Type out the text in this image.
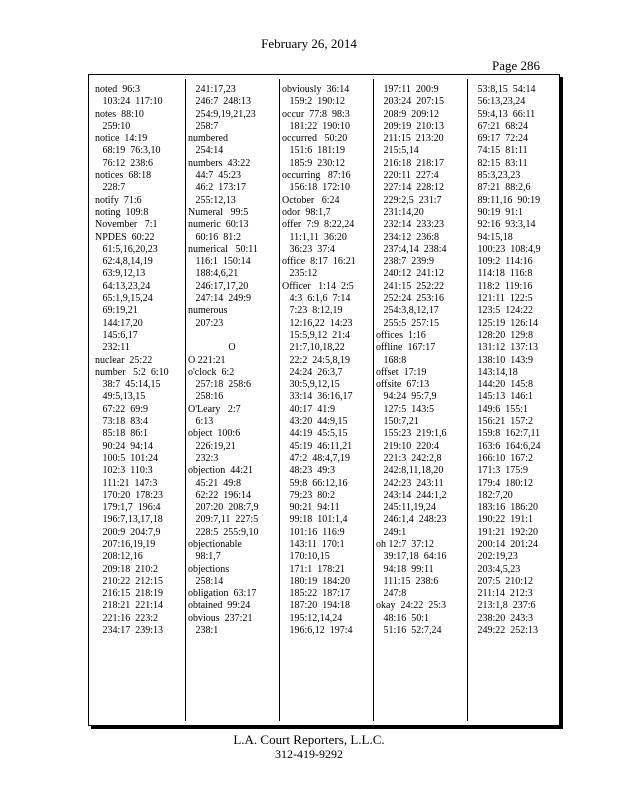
February 26, 2014
Page 286
noted  96:3
103:24  117:10
notes  88:10
259:10
notice  14:19
68:19  76:3,10
76:12  238:6
notices  68:18
228:7
notify  71:6
noting  109:8
November   7:1
NPDES  60:22
61:5,16,20,23
62:4,8,14,19
63:9,12,13
64:13,23,24
65:1,9,15,24
69:19,21
144:17,20
145:6,17
232:11
nuclear  25:22
number   5:2  6:10
38:7  45:14,15
49:5,13,15
67:22  69:9
73:18  83:4
85:18  86:1
90:24  94:14
100:5  101:24
102:3  110:3
111:21  147:3
170:20  178:23
179:1,7  196:4
196:7,13,17,18
200:9  204:7,9
207:16,19,19
208:12,16
209:18  210:2
210:22  212:15
216:15  218:19
218:21  221:14
221:16  223:2
234:17  239:13
241:17,23
246:7  248:13
254:9,19,21,23
258:7
numbered
254:14
numbers  43:22
44:7  45:23
46:2  173:17
255:12,13
Numeral   99:5
numeric  60:13
60:16  81:2
numerical   50:11
116:1  150:14
188:4,6,21
246:17,17,20
247:14  249:9
numerous
207:23
O
O 221:21
o'clock  6:2
257:18  258:6
258:16
O'Leary   2:7
6:13
object  100:6
226:19,21
232:3
objection  44:21
45:21  49:8
62:22  196:14
207:20  208:7,9
209:7,11  227:5
228:5  255:9,10
objectionable
98:1,7
objections
258:14
obligation  63:17
obtained  99:24
obvious  237:21
238:1
obviously  36:14
159:2  190:12
occur  77:8  98:3
181:22  190:10
occurred   50:20
151:6  181:19
185:9  230:12
occurring   87:16
156:18  172:10
October   6:24
odor  98:1,7
offer  7:9  8:22,24
11:1,11  36:20
36:23  37:4
office  8:17  16:21
235:12
Officer   1:14  2:5
4:3  6:1,6  7:14
7:23  8:12,19
12:16,22  14:23
15:5,9,12  21:4
21:7,10,18,22
22:2  24:5,8,19
24:24  26:3,7
30:5,9,12,15
33:14  36:16,17
40:17  41:9
43:20  44:9,15
44:19  45:5,15
45:19  46:11,21
47:2  48:4,7,19
48:23  49:3
59:8  66:12,16
79:23  80:2
90:21  94:11
99:18  101:1,4
101:16  116:9
143:11  170:1
170:10,15
171:1  178:21
180:19  184:20
185:22  187:17
187:20  194:18
195:12,14,24
196:6,12  197:4
197:11  200:9
203:24  207:15
208:9  209:12
209:19  210:13
211:15  213:20
215:5,14
216:18  218:17
220:11  227:4
227:14  228:12
229:2,5  231:7
231:14,20
232:14  233:23
234:12  236:8
237:4,14  238:4
238:7  239:9
240:12  241:12
241:15  252:22
252:24  253:16
254:3,8,12,17
255:5  257:15
offices  1:16
offline  167:17
168:8
offset  17:19
offsite  67:13
94:24  95:7,9
127:5  143:5
150:7,21
155:23  219:1,6
219:10  220:4
221:3  242:2,8
242:8,11,18,20
242:23  243:11
243:14  244:1,2
245:11,19,24
246:1,4  248:23
249:1
oh 12:7  37:12
39:17,18  64:16
94:18  99:11
111:15  238:6
247:8
okay  24:22  25:3
48:16  50:1
51:16  52:7,24
53:8,15  54:14
56:13,23,24
59:4,13  66:11
67:21  68:24
69:17  72:24
74:15  81:11
82:15  83:11
85:3,23,23
87:21  88:2,6
89:11,16  90:19
90:19  91:1
92:16  93:3,14
94:15,18
100:23  108:4,9
109:2  114:16
114:18  116:8
118:2  119:16
121:11  122:5
123:5  124:22
125:19  126:14
128:20  129:8
131:12  137:13
138:10  143:9
143:14,18
144:20  145:8
145:13  146:1
149:6  155:1
156:21  157:2
159:8  162:7,11
163:6  164:6,24
166:10  167:2
171:3  175:9
179:4  180:12
182:7,20
183:16  186:20
190:22  191:1
191:21  192:20
200:14  201:24
202:19,23
203:4,5,23
207:5  210:12
211:14  212:3
213:1,8  237:6
238:20  243:3
249:22  252:13
L.A. Court Reporters, L.L.C.
312-419-9292
